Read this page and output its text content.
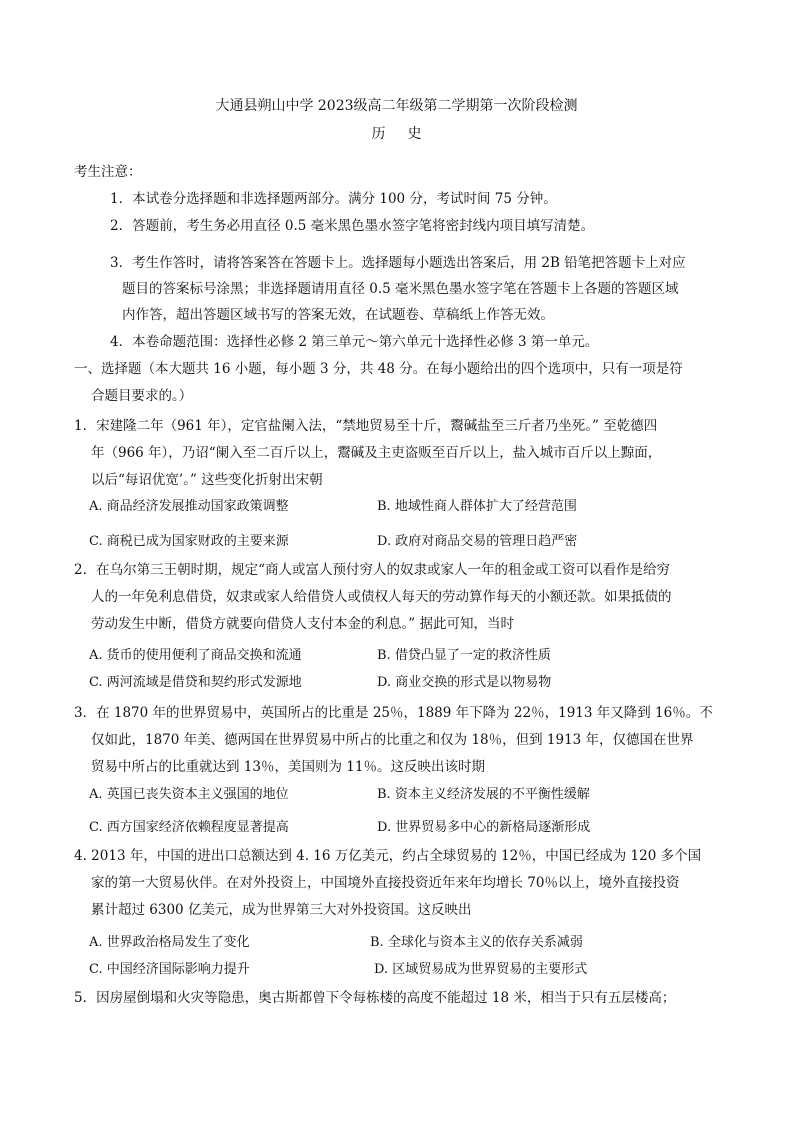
大通县朔山中学 2023级高二年级第二学期第一次阶段检测
历史
考生注意：
1．本试卷分选择题和非选择题两部分。满分 100 分，考试时间 75 分钟。
2．答题前，考生务必用直径 0.5 毫米黑色墨水签字笔将密封线内项目填写清楚。
3．考生作答时，请将答案答在答题卡上。选择题每小题选出答案后，用 2B 铅笔把答题卡上对应
题目的答案标号涂黑；非选择题请用直径 0.5 毫米黑色墨水签字笔在答题卡上各题的答题区域
内作答，超出答题区域书写的答案无效，在试题卷、草稿纸上作答无效。
4．本卷命题范围：选择性必修 2 第三单元～第六单元十选择性必修 3 第一单元。
一、选择题（本大题共 16 小题，每小题 3 分，共 48 分。在每小题给出的四个选项中，只有一项是符
合题目要求的。）
1．宋建隆二年（961 年），定官盐阑入法，“禁地贸易至十斤，鬻碱盐至三斤者乃坐死。” 至乾德四
年（966 年），乃诏“阑入至二百斤以上，鬻碱及主吏盗贩至百斤以上，盐入城市百斤以上黥面，
以后“每诏优宽’。” 这些变化折射出宋朝
A. 商品经济发展推动国家政策调整	B. 地域性商人群体扩大了经营范围
C. 商税已成为国家财政的主要来源	D. 政府对商品交易的管理日趋严密
2．在乌尔第三王朝时期，规定“商人或富人预付穷人的奴隶或家人一年的租金或工资可以看作是给穷
人的一年免利息借贷，奴隶或家人给借贷人或债权人每天的劳动算作每天的小额还款。如果抵债的
劳动发生中断，借贷方就要向借贷人支付本金的利息。” 据此可知，当时
A. 货币的使用便利了商品交换和流通	B. 借贷凸显了一定的救济性质
C. 两河流域是借贷和契约形式发源地	D. 商业交换的形式是以物易物
3．在 1870 年的世界贸易中，英国所占的比重是 25％，1889 年下降为 22％，1913 年又降到 16％。不
仅如此，1870 年美、德两国在世界贸易中所占的比重之和仅为 18％，但到 1913 年，仅德国在世界
贸易中所占的比重就达到 13％，美国则为 11％。这反映出该时期
A. 英国已丧失资本主义强国的地位	B. 资本主义经济发展的不平衡性缓解
C. 西方国家经济依赖程度显著提高	D. 世界贸易多中心的新格局逐渐形成
4. 2013 年，中国的进出口总额达到 4. 16 万亿美元，约占全球贸易的 12％，中国已经成为 120 多个国
家的第一大贸易伙伴。在对外投资上，中国境外直接投资近年来年均增长 70％以上，境外直接投资
累计超过 6300 亿美元，成为世界第三大对外投资国。这反映出
A. 世界政治格局发生了变化	B. 全球化与资本主义的依存关系减弱
C. 中国经济国际影响力提升	D. 区域贸易成为世界贸易的主要形式
5．因房屋倒塌和火灾等隐患，奥古斯都曾下令每栋楼的高度不能超过 18 米，相当于只有五层楼高；
